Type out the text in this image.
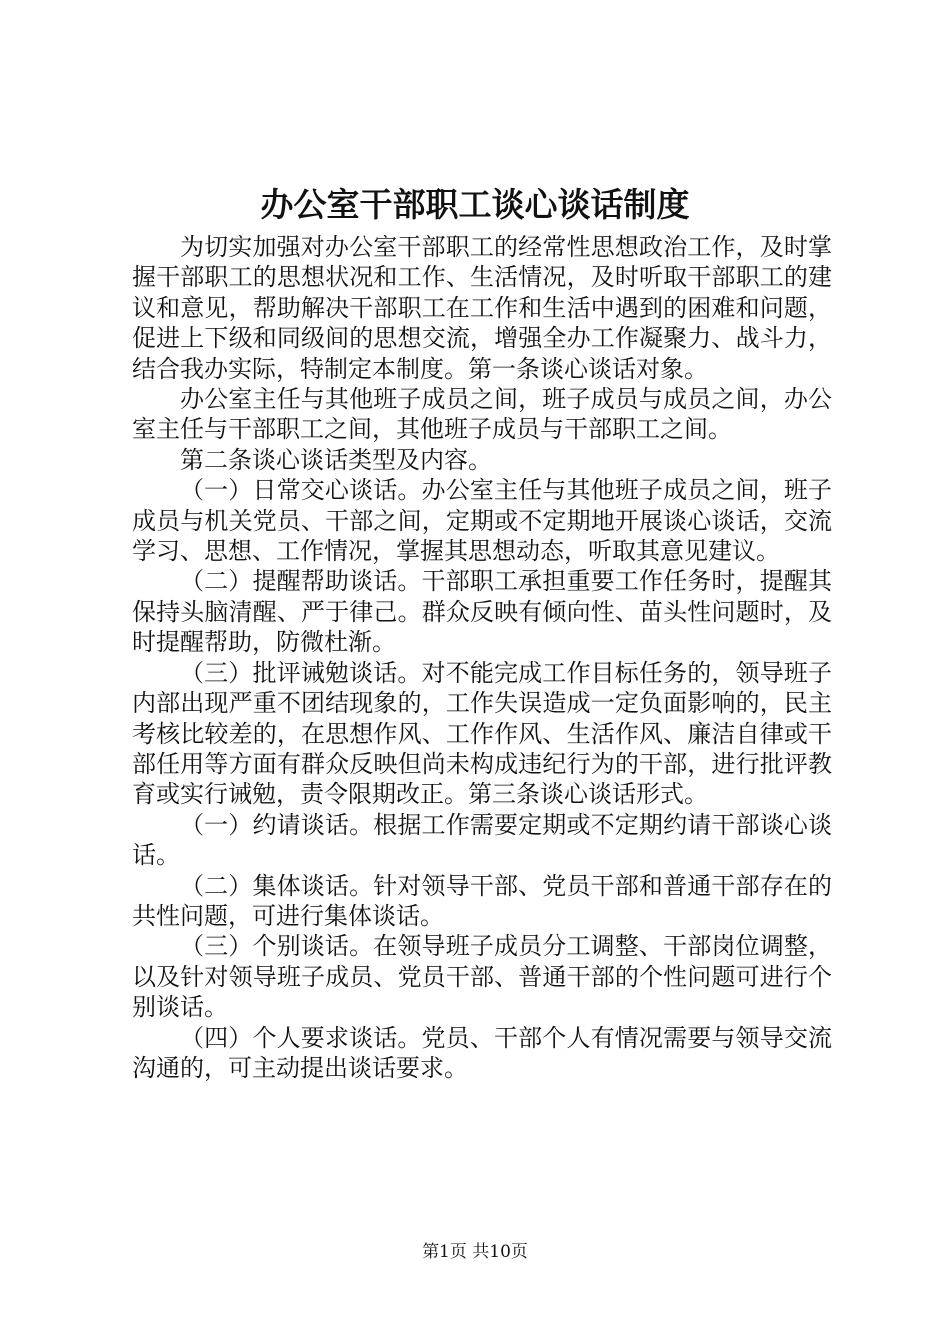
办公室干部职工谈心谈话制度

为切实加强对办公室干部职工的经常性思想政治工作，及时掌握干部职工的思想状况和工作、生活情况，及时听取干部职工的建议和意见，帮助解决干部职工在工作和生活中遇到的困难和问题，促进上下级和同级间的思想交流，增强全办工作凝聚力、战斗力，结合我办实际，特制定本制度。第一条谈心谈话对象。

办公室主任与其他班子成员之间，班子成员与成员之间，办公室主任与干部职工之间，其他班子成员与干部职工之间。

第二条谈心谈话类型及内容。

（一）日常交心谈话。办公室主任与其他班子成员之间，班子成员与机关党员、干部之间，定期或不定期地开展谈心谈话，交流学习、思想、工作情况，掌握其思想动态，听取其意见建议。

（二）提醒帮助谈话。干部职工承担重要工作任务时，提醒其保持头脑清醒、严于律己。群众反映有倾向性、苗头性问题时，及时提醒帮助，防微杜渐。

（三）批评诫勉谈话。对不能完成工作目标任务的，领导班子内部出现严重不团结现象的，工作失误造成一定负面影响的，民主考核比较差的，在思想作风、工作作风、生活作风、廉洁自律或干部任用等方面有群众反映但尚未构成违纪行为的干部，进行批评教育或实行诫勉，责令限期改正。第三条谈心谈话形式。

（一）约请谈话。根据工作需要定期或不定期约请干部谈心谈话。

（二）集体谈话。针对领导干部、党员干部和普通干部存在的共性问题，可进行集体谈话。

（三）个别谈话。在领导班子成员分工调整、干部岗位调整，以及针对领导班子成员、党员干部、普通干部的个性问题可进行个别谈话。

（四）个人要求谈话。党员、干部个人有情况需要与领导交流沟通的，可主动提出谈话要求。

第1页 共10页
